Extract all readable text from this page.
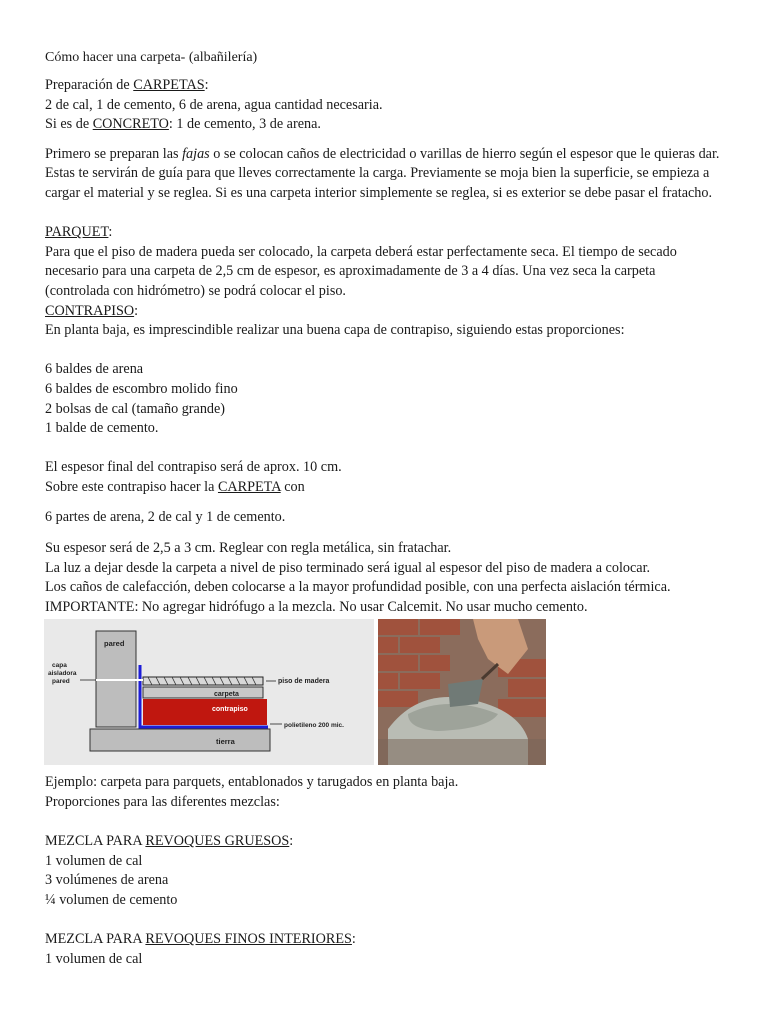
Cómo hacer una carpeta- (albañilería)

Preparación de CARPETAS:

2 de cal, 1 de cemento, 6 de arena, agua cantidad necesaria.

Si es de CONCRETO: 1 de cemento, 3 de arena.

Primero se preparan las fajas o se colocan caños de electricidad o varillas de hierro según el espesor que le quieras dar.

Estas te servirán de guía para que lleves correctamente la carga. Previamente se moja bien la superficie, se empieza a

cargar el material y se reglea. Si es una carpeta interior simplemente se reglea, si es exterior se debe pasar el fratacho.

PARQUET:

Para que el piso de madera pueda ser colocado, la carpeta deberá estar perfectamente seca. El tiempo de secado

necesario para una carpeta de 2,5 cm de espesor, es aproximadamente de 3 a 4 días. Una vez seca la carpeta

(controlada con hidrómetro) se podrá colocar el piso.

CONTRAPISO:

En planta baja, es imprescindible realizar una buena capa de contrapiso, siguiendo estas proporciones:

6 baldes de arena

6 baldes de escombro molido fino

2 bolsas de cal (tamaño grande)

1 balde de cemento.

El espesor final del contrapiso será de aprox. 10 cm.

Sobre este contrapiso hacer la CARPETA con

6 partes de arena, 2 de cal y 1 de cemento.

Su espesor será de 2,5 a 3 cm. Reglear con regla metálica, sin fratachar.

La luz a dejar desde la carpeta a nivel de piso terminado será igual al espesor del piso de madera a colocar.

Los caños de calefacción, deben colocarse a la mayor profundidad posible, con una perfecta aislación térmica.

IMPORTANTE: No agregar hidrófugo a la mezcla. No usar Calcemit. No usar mucho cemento.

pared
tierra
contrapiso
carpeta
capa
aisladora
pared	piso de madera
polietileno 200 mic.

Ejemplo: carpeta para parquets, entablonados y tarugados en planta baja.

Proporciones para las diferentes mezclas:

MEZCLA PARA REVOQUES GRUESOS:

1 volumen de cal

3 volúmenes de arena

¼ volumen de cemento

MEZCLA PARA REVOQUES FINOS INTERIORES:

1 volumen de cal
